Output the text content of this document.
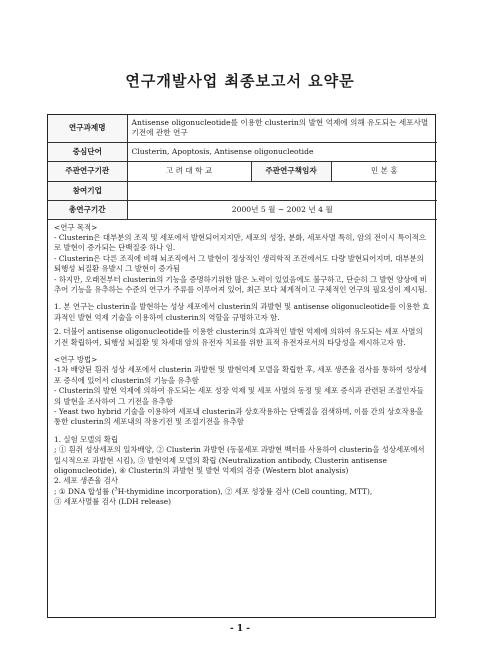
연구개발사업 최종보고서 요약문
연구과제명	Antisense oligonucleotide를 이용한 clusterin의 발현 억제에 의해 유도되는 세포사멸 기전에 관한 연구		
중심단어	Clusterin, Apoptosis, Antisense oligonucleotide		
주관연구기관	고 려 대 학 교	주관연구책임자	민 본 홍
참여기업			
총연구기간	2000년 5 월 ~ 2002 년 4 월		

<연구 목적>

- Clusterin은 대부분의 조직 및 세포에서 발현되어지지만, 세포의 성장, 분화, 세포사멸 특히, 암의 전이시 특이적으로 발현이 증가되는 단백질중 하나 임.

- Clusterin은 다른 조직에 비해 뇌조직에서 그 발현이 정상적인 생리학적 조건에서도 다량 발현되어지며, 대부분의 퇴행성 뇌질환 유발시 그 발현이 증가됨

- 하지만, 오래전부터 clusterin의 기능을 증명하기위한 많은 노력이 있었음에도 불구하고, 단순히 그 발현 양상에 비추어 기능을 유추하는 수준의 연구가 주류를 이루어져 있어, 최근 보다 체계적이고 구체적인 연구의 필요성이 제시됨.

1. 본 연구는 clusterin을 발현하는 성상 세포에서 clusterin의 과발현 및 antisense oligonucleotide를 이용한 효과적인 발현 억제 기술을 이용하여 clusterin의 역할을 규명하고자 함.

2. 더불어 antisense oligonucleotide를 이용한 clusterin의 효과적인 발현 억제에 의하여 유도되는 세포 사멸의 기전 확립하여, 퇴행성 뇌질환 및 차세대 암의 유전자 치료를 위한 표적 유전자로서의 타당성을 제시하고자 함.

<연구 방법>

-1차 배양된 흰쥐 성상 세포에서 clusterin 과발현 및 발현억제 모델을 확립한 후, 세포 생존율 검사를 통하여 성상세포 증식에 있어서 clusterin의 기능을 유추함

- Clusterin의 발현 억제에 의하여 유도되는 세포 성장 억제 및 세포 사멸의 동정 및 세포 증식과 관련된 조절인자들의 발현을 조사하여 그 기전을 유추함

- Yeast two hybrid 기술을 이용하여 세포내 clusterin과 상호작용하는 단백질을 검색하며, 이를 간의 상호작용을 통한 clusterin의 세포내의 작용기전 및 조절기전을 유추함

1. 실험 모델의 확립

; ① 흰쥐 성상세포의 일차배양, ② Clusterin 과발현 (동물세포 과발현 벡터를 사용하여 clusterin을 성상세포에서 일시적으로 과발현 시킴), ③ 발현억제 모델의 확립 (Neutralization antibody, Clusterin antisense oligonucleotide), ④ Clusterin의 과발현 및 발현 억제의 검증 (Western blot analysis)

2. 세포 생존율 검사

; ① DNA 합성률 ($^3$H-thymidine incorporation), ② 세포 성장률 검사 (Cell counting, MTT),

③ 세포사멸률 검사 (LDH release)

- 1 -
